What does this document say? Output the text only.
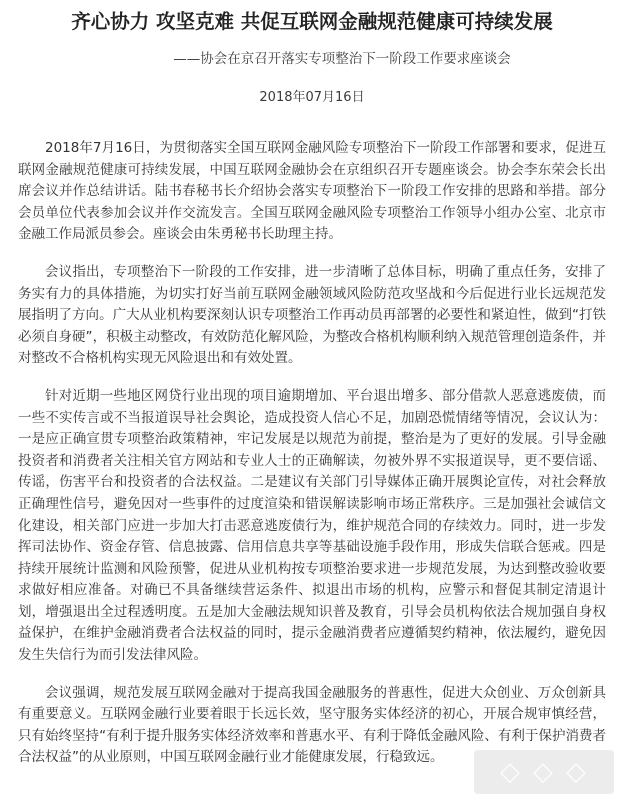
齐心协力 攻坚克难 共促互联网金融规范健康可持续发展
——协会在京召开落实专项整治下一阶段工作要求座谈会
2018年07月16日

2018年7月16日，为贯彻落实全国互联网金融风险专项整治下一阶段工作部署和要求，促进互联网金融规范健康可持续发展，中国互联网金融协会在京组织召开专题座谈会。协会李东荣会长出席会议并作总结讲话。陆书春秘书长介绍协会落实专项整治下一阶段工作安排的思路和举措。部分会员单位代表参加会议并作交流发言。全国互联网金融风险专项整治工作领导小组办公室、北京市金融工作局派员参会。座谈会由朱勇秘书长助理主持。

会议指出，专项整治下一阶段的工作安排，进一步清晰了总体目标，明确了重点任务，安排了务实有力的具体措施，为切实打好当前互联网金融领域风险防范攻坚战和今后促进行业长远规范发展指明了方向。广大从业机构要深刻认识专项整治工作再动员再部署的必要性和紧迫性，做到“打铁必须自身硬”，积极主动整改，有效防范化解风险，为整改合格机构顺利纳入规范管理创造条件，并对整改不合格机构实现无风险退出和有效处置。

针对近期一些地区网贷行业出现的项目逾期增加、平台退出增多、部分借款人恶意逃废债，而一些不实传言或不当报道误导社会舆论，造成投资人信心不足，加剧恐慌情绪等情况，会议认为：一是应正确宣贯专项整治政策精神，牢记发展是以规范为前提，整治是为了更好的发展。引导金融投资者和消费者关注相关官方网站和专业人士的正确解读，勿被外界不实报道误导，更不要信谣、传谣，伤害平台和投资者的合法权益。二是建议有关部门引导媒体正确开展舆论宣传，对社会释放正确理性信号，避免因对一些事件的过度渲染和错误解读影响市场正常秩序。三是加强社会诚信文化建设，相关部门应进一步加大打击恶意逃废债行为，维护规范合同的存续效力。同时，进一步发挥司法协作、资金存管、信息披露、信用信息共享等基础设施手段作用，形成失信联合惩戒。四是持续开展统计监测和风险预警，促进从业机构按专项整治要求进一步规范发展，为达到整改验收要求做好相应准备。对确已不具备继续营运条件、拟退出市场的机构，应警示和督促其制定清退计划，增强退出全过程透明度。五是加大金融法规知识普及教育，引导会员机构依法合规加强自身权益保护，在维护金融消费者合法权益的同时，提示金融消费者应遵循契约精神，依法履约，避免因发生失信行为而引发法律风险。

会议强调，规范发展互联网金融对于提高我国金融服务的普惠性，促进大众创业、万众创新具有重要意义。互联网金融行业要着眼于长远长效，坚守服务实体经济的初心，开展合规审慎经营，只有始终坚持“有利于提升服务实体经济效率和普惠水平、有利于降低金融风险、有利于保护消费者合法权益”的从业原则，中国互联网金融行业才能健康发展，行稳致远。	◇ ◇ ◇
